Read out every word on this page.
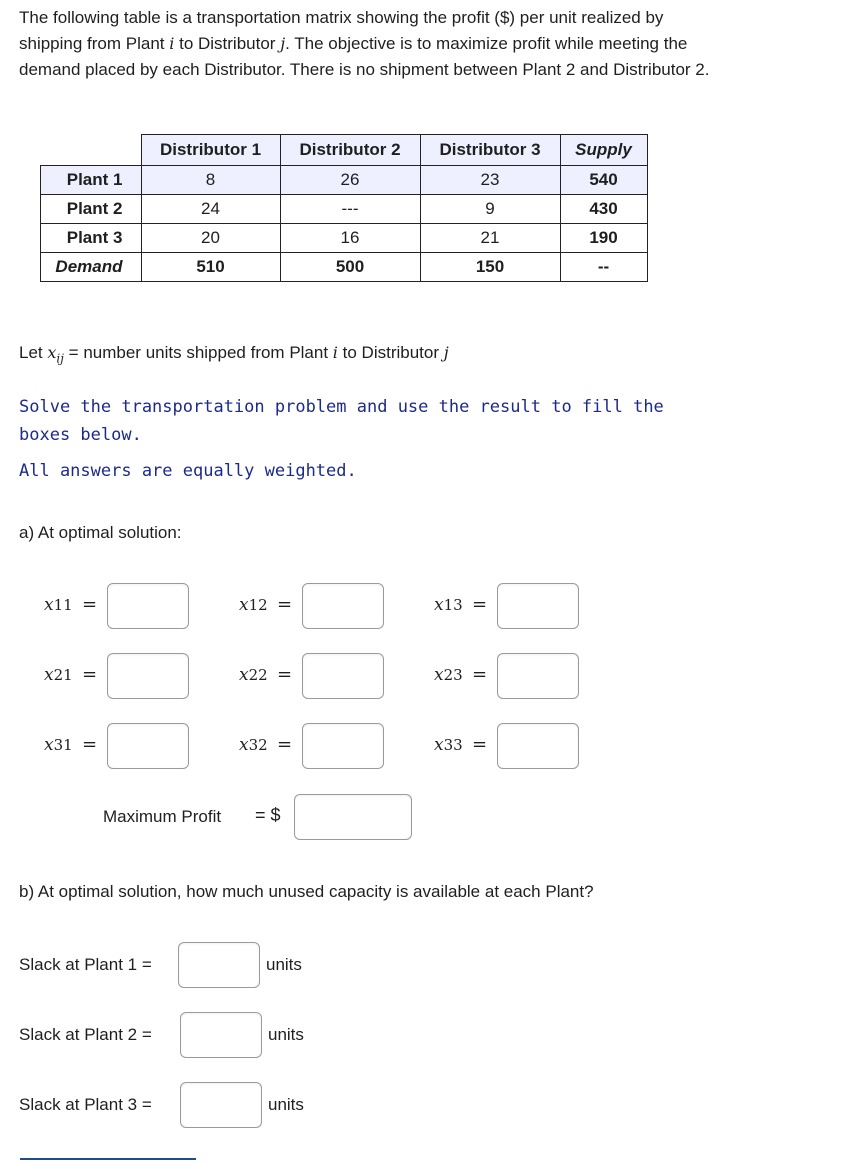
The following table is a transportation matrix showing the profit ($) per unit realized by shipping from Plant i to Distributor j. The objective is to maximize profit while meeting the demand placed by each Distributor. There is no shipment between Plant 2 and Distributor 2.
	Distributor 1	Distributor 2	Distributor 3	Supply
Plant 1	8	26	23	540
Plant 2	24	---	9	430
Plant 3	20	16	21	190
Demand	510	500	150	--
Let $x_{ij}$ = number units shipped from Plant i to Distributor j
Solve the transportation problem and use the result to fill the
boxes below.
All answers are equally weighted.
a) At optimal solution:
x11 =	x12 =	x13 =
x21 =	x22 =	x23 =
x31 =	x32 =	x33 =
Maximum Profit = $
b) At optimal solution, how much unused capacity is available at each Plant?
Slack at Plant 1 =	units
Slack at Plant 2 =	units
Slack at Plant 3 =	units
